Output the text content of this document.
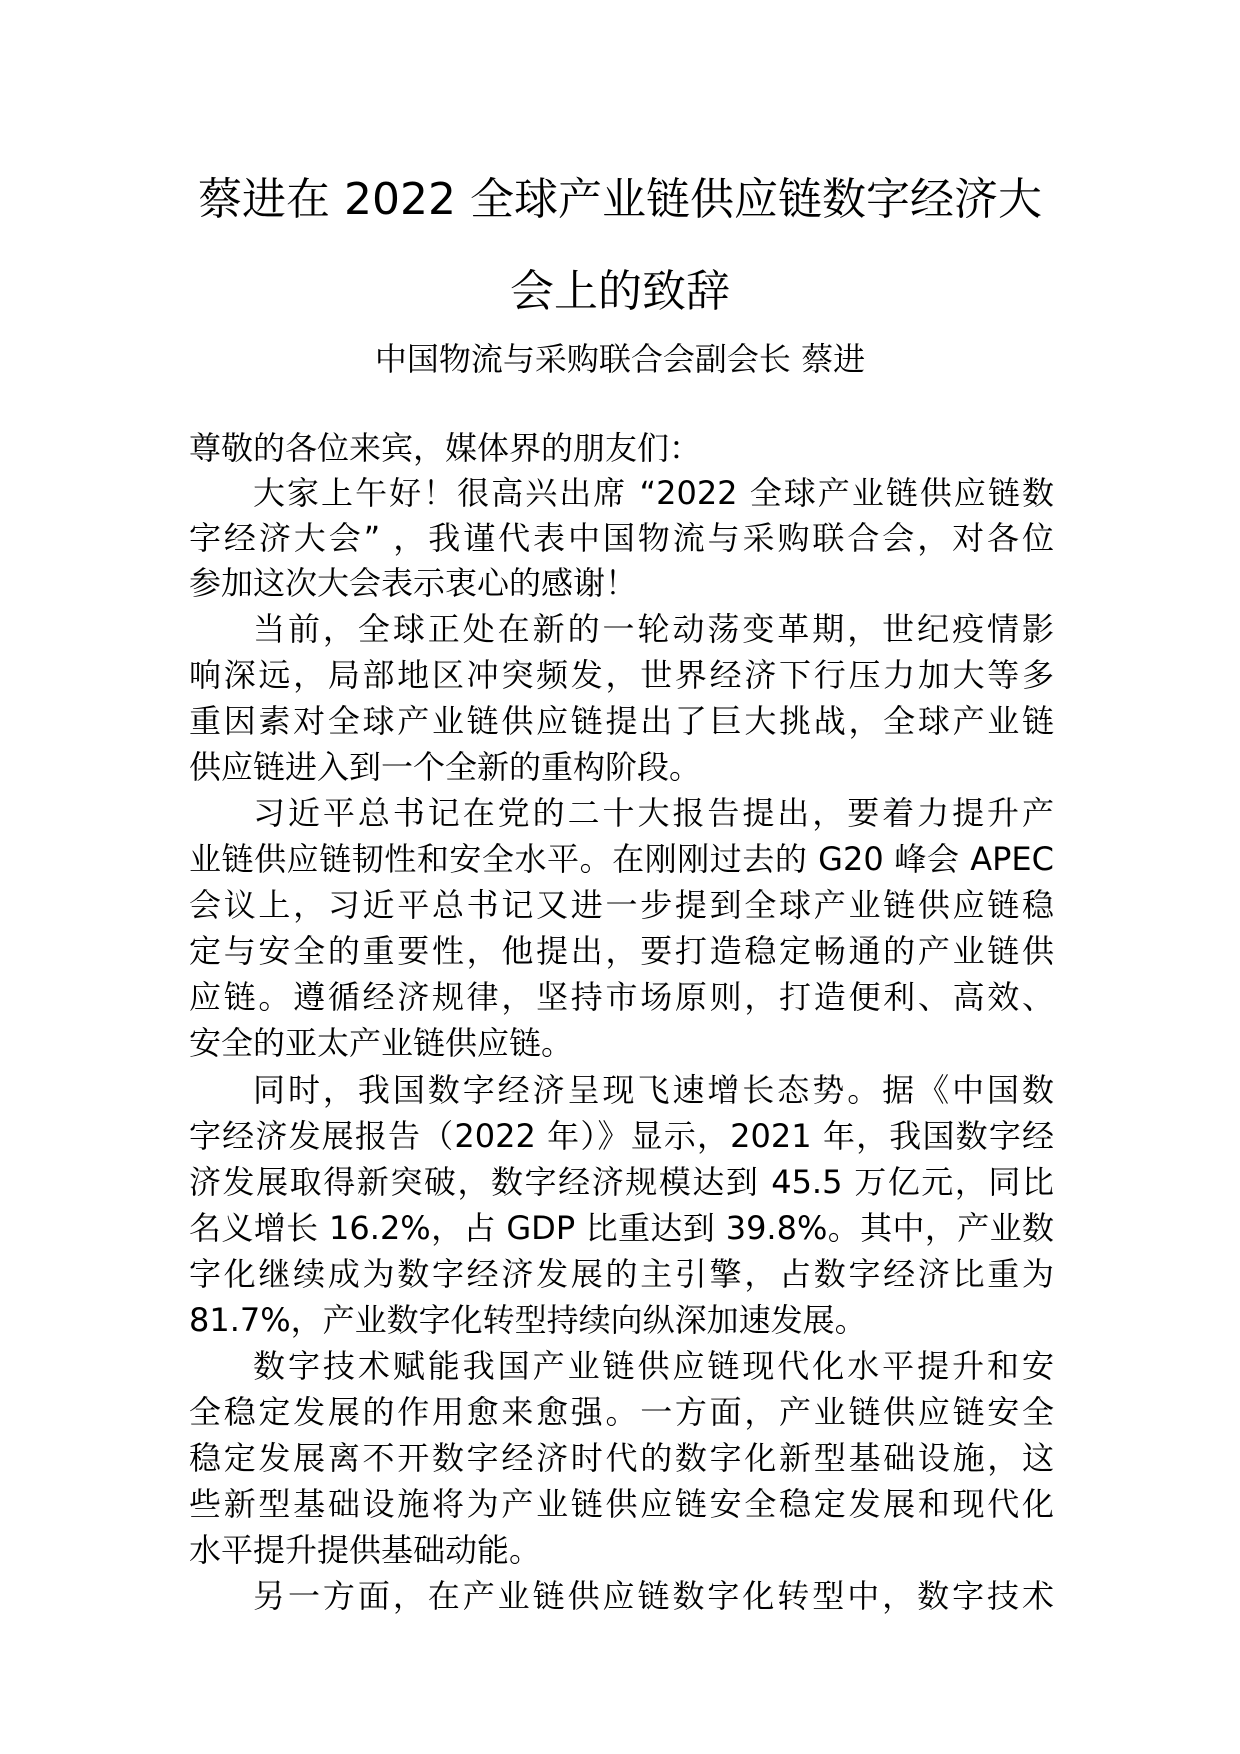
蔡进在 2022 全球产业链供应链数字经济大
会上的致辞
中国物流与采购联合会副会长 蔡进
尊敬的各位来宾，媒体界的朋友们：
大家上午好！很高兴出席 “2022 全球产业链供应链数
字经济大会” ，我谨代表中国物流与采购联合会，对各位
参加这次大会表示衷心的感谢！
当前，全球正处在新的一轮动荡变革期，世纪疫情影
响深远，局部地区冲突频发，世界经济下行压力加大等多
重因素对全球产业链供应链提出了巨大挑战，全球产业链
供应链进入到一个全新的重构阶段。
习近平总书记在党的二十大报告提出，要着力提升产
业链供应链韧性和安全水平。在刚刚过去的 G20 峰会 APEC
会议上，习近平总书记又进一步提到全球产业链供应链稳
定与安全的重要性，他提出，要打造稳定畅通的产业链供
应链。遵循经济规律，坚持市场原则，打造便利、高效、
安全的亚太产业链供应链。
同时，我国数字经济呈现飞速增长态势。据《中国数
字经济发展报告（2022 年）》显示，2021 年，我国数字经
济发展取得新突破，数字经济规模达到 45.5 万亿元，同比
名义增长 16.2%，占 GDP 比重达到 39.8%。其中，产业数
字化继续成为数字经济发展的主引擎，占数字经济比重为
81.7%，产业数字化转型持续向纵深加速发展。
数字技术赋能我国产业链供应链现代化水平提升和安
全稳定发展的作用愈来愈强。一方面，产业链供应链安全
稳定发展离不开数字经济时代的数字化新型基础设施，这
些新型基础设施将为产业链供应链安全稳定发展和现代化
水平提升提供基础动能。
另一方面，在产业链供应链数字化转型中，数字技术
